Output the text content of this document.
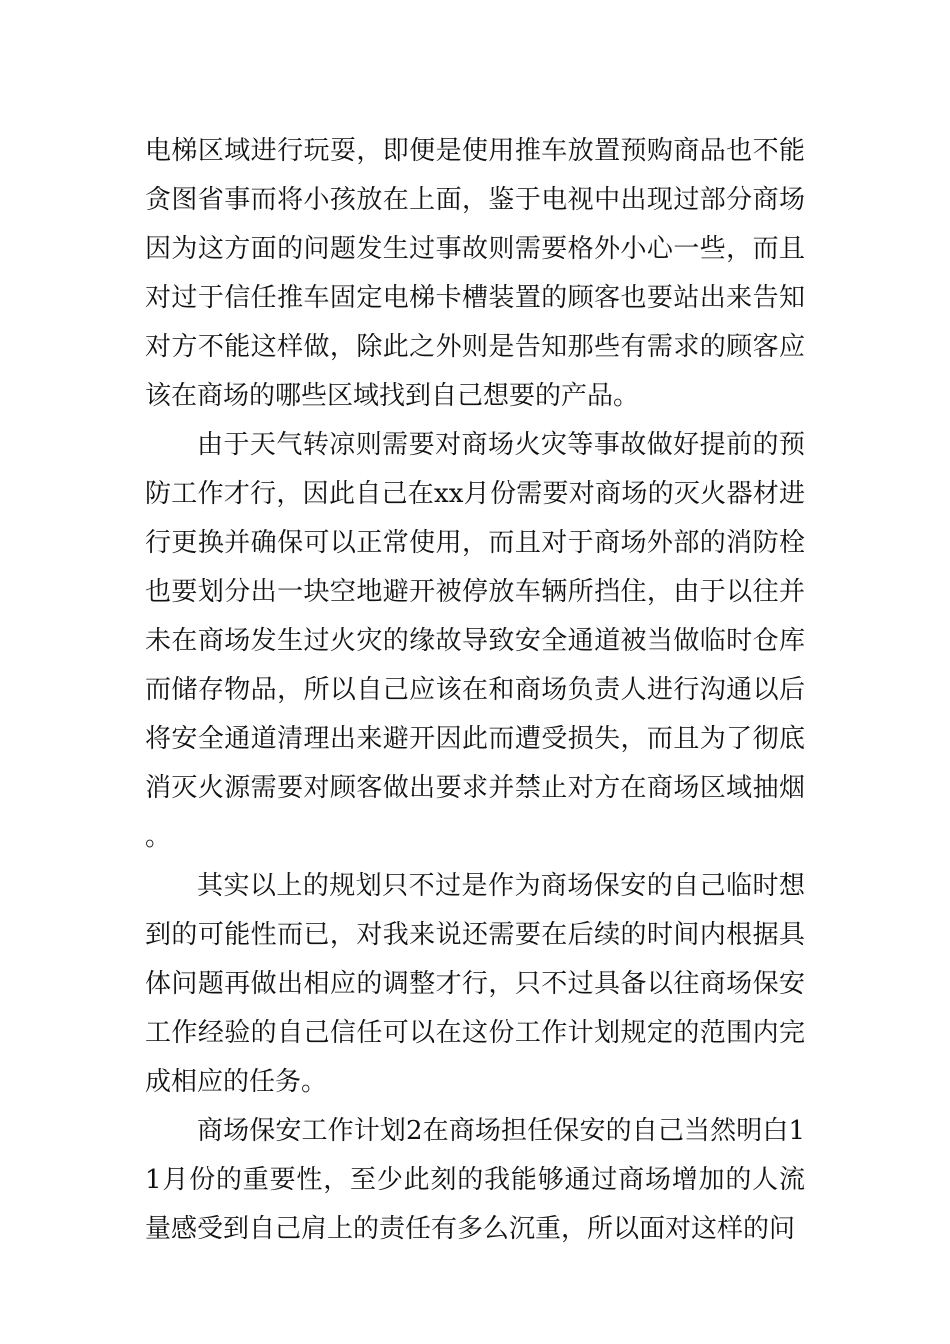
电梯区域进行玩耍，即便是使用推车放置预购商品也不能贪图省事而将小孩放在上面，鉴于电视中出现过部分商场因为这方面的问题发生过事故则需要格外小心一些，而且对过于信任推车固定电梯卡槽装置的顾客也要站出来告知对方不能这样做，除此之外则是告知那些有需求的顾客应该在商场的哪些区域找到自己想要的产品。

由于天气转凉则需要对商场火灾等事故做好提前的预防工作才行，因此自己在xx月份需要对商场的灭火器材进行更换并确保可以正常使用，而且对于商场外部的消防栓也要划分出一块空地避开被停放车辆所挡住，由于以往并未在商场发生过火灾的缘故导致安全通道被当做临时仓库而储存物品，所以自己应该在和商场负责人进行沟通以后将安全通道清理出来避开因此而遭受损失，而且为了彻底消灭火源需要对顾客做出要求并禁止对方在商场区域抽烟。

其实以上的规划只不过是作为商场保安的自己临时想到的可能性而已，对我来说还需要在后续的时间内根据具体问题再做出相应的调整才行，只不过具备以往商场保安工作经验的自己信任可以在这份工作计划规定的范围内完成相应的任务。

商场保安工作计划2在商场担任保安的自己当然明白11月份的重要性，至少此刻的我能够通过商场增加的人流量感受到自己肩上的责任有多么沉重，所以面对这样的问
